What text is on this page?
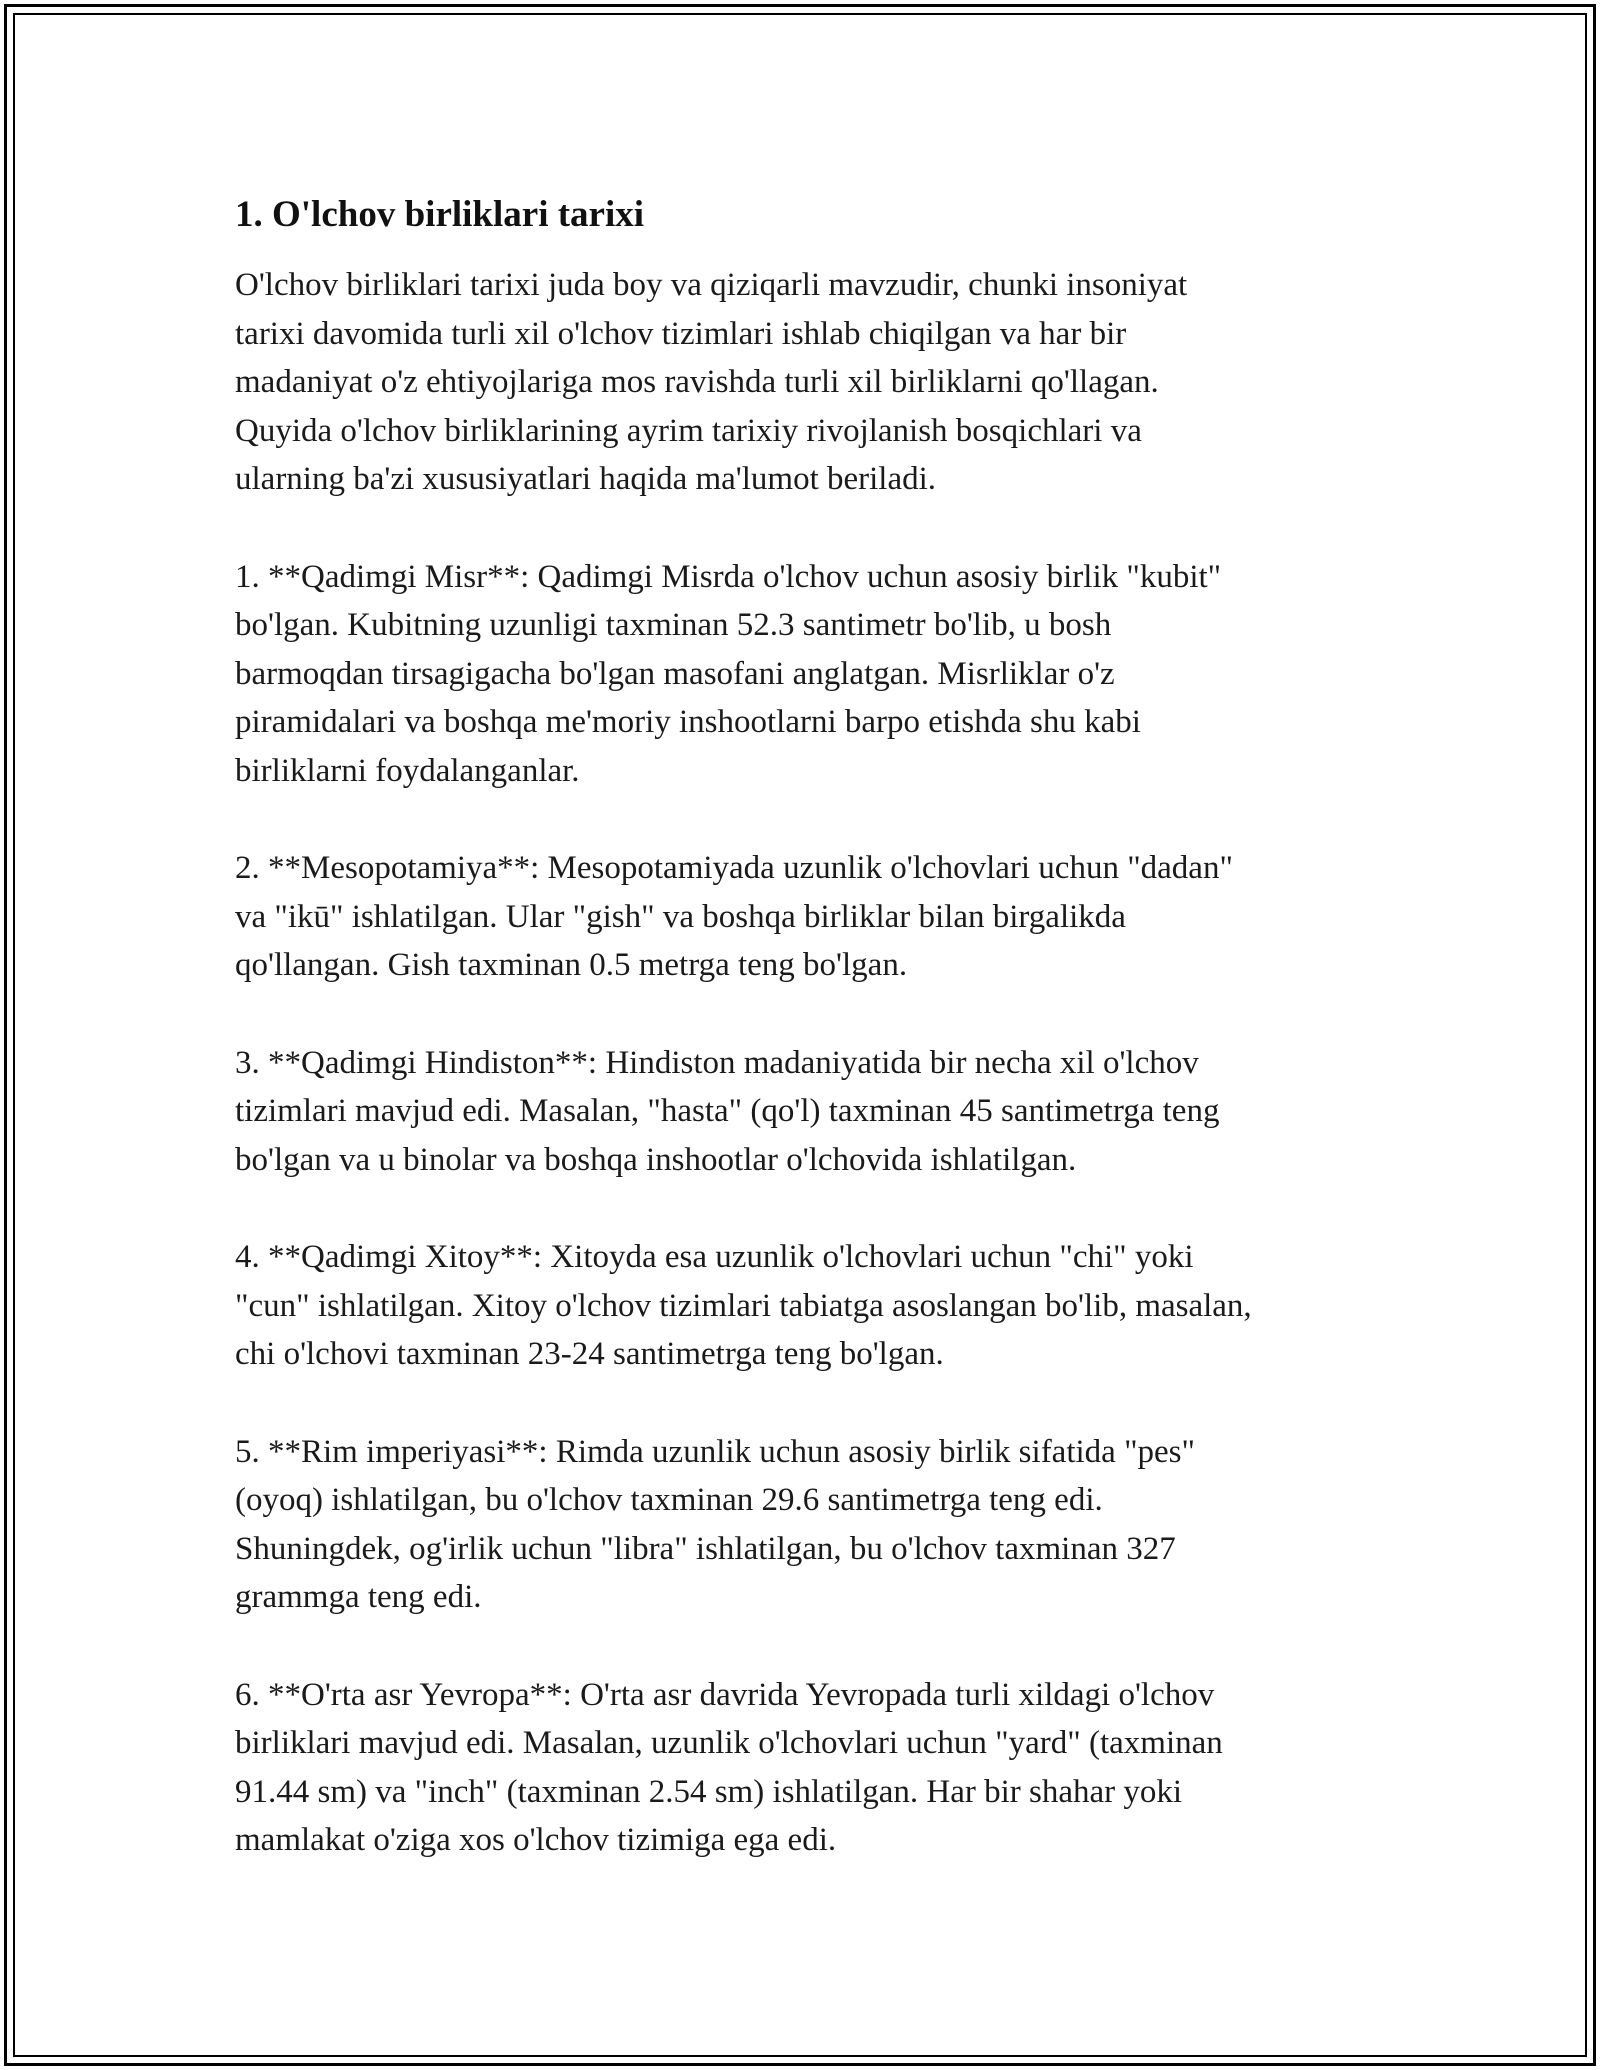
1. O'lchov birliklari tarixi

O'lchov birliklari tarixi juda boy va qiziqarli mavzudir, chunki insoniyat
tarixi davomida turli xil o'lchov tizimlari ishlab chiqilgan va har bir
madaniyat o'z ehtiyojlariga mos ravishda turli xil birliklarni qo'llagan.
Quyida o'lchov birliklarining ayrim tarixiy rivojlanish bosqichlari va
ularning ba'zi xususiyatlari haqida ma'lumot beriladi.

1. **Qadimgi Misr**: Qadimgi Misrda o'lchov uchun asosiy birlik "kubit"
bo'lgan. Kubitning uzunligi taxminan 52.3 santimetr bo'lib, u bosh
barmoqdan tirsagigacha bo'lgan masofani anglatgan. Misrliklar o'z
piramidalari va boshqa me'moriy inshootlarni barpo etishda shu kabi
birliklarni foydalanganlar.

2. **Mesopotamiya**: Mesopotamiyada uzunlik o'lchovlari uchun "dadan"
va "ikū" ishlatilgan. Ular "gish" va boshqa birliklar bilan birgalikda
qo'llangan. Gish taxminan 0.5 metrga teng bo'lgan.

3. **Qadimgi Hindiston**: Hindiston madaniyatida bir necha xil o'lchov
tizimlari mavjud edi. Masalan, "hasta" (qo'l) taxminan 45 santimetrga teng
bo'lgan va u binolar va boshqa inshootlar o'lchovida ishlatilgan.

4. **Qadimgi Xitoy**: Xitoyda esa uzunlik o'lchovlari uchun "chi" yoki
"cun" ishlatilgan. Xitoy o'lchov tizimlari tabiatga asoslangan bo'lib, masalan,
chi o'lchovi taxminan 23-24 santimetrga teng bo'lgan.

5. **Rim imperiyasi**: Rimda uzunlik uchun asosiy birlik sifatida "pes"
(oyoq) ishlatilgan, bu o'lchov taxminan 29.6 santimetrga teng edi.
Shuningdek, og'irlik uchun "libra" ishlatilgan, bu o'lchov taxminan 327
grammga teng edi.

6. **O'rta asr Yevropa**: O'rta asr davrida Yevropada turli xildagi o'lchov
birliklari mavjud edi. Masalan, uzunlik o'lchovlari uchun "yard" (taxminan
91.44 sm) va "inch" (taxminan 2.54 sm) ishlatilgan. Har bir shahar yoki
mamlakat o'ziga xos o'lchov tizimiga ega edi.
